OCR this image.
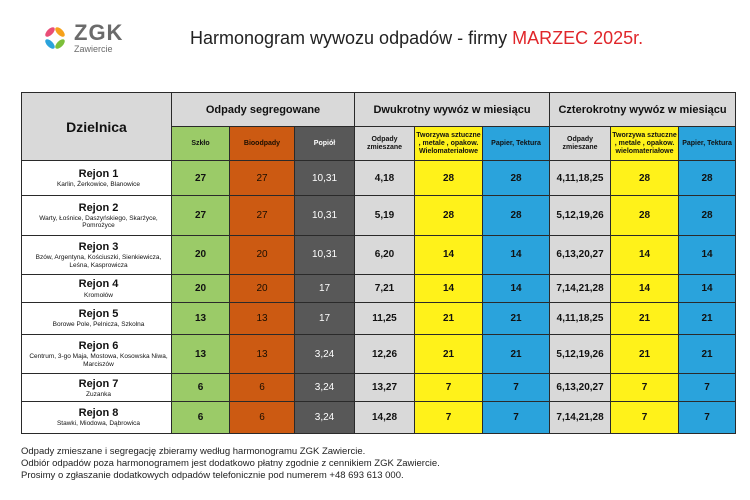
ZGK
Zawiercie
Harmonogram wywozu odpadów - firmy MARZEC 2025r.
Dzielnica	Odpady segregowane			Dwukrotny wywóz w miesiącu			Czterokrotny wywóz w miesiącu		
	Szkło	Bioodpady	Popiół	Odpady zmieszane	Tworzywa sztuczne , metale , opakow. Wielomateriałowe	Papier, Tektura	Odpady zmieszane	Tworzywa sztuczne , metale , opakow. wielomateriałowe	Papier, Tektura

Rejon 1
Karlin, Żerkowice, Blanowice	27	27	10,31	4,18	28	28	4,11,18,25	28	28

Rejon 2
Warty, Łośnice, Daszyńskiego, Skarżyce, Pomrożyce	27	27	10,31	5,19	28	28	5,12,19,26	28	28

Rejon 3
Bzów, Argentyna, Kościuszki, Sienkiewicza, Leśna, Kasprowicza	20	20	10,31	6,20	14	14	6,13,20,27	14	14

Rejon 4
Kromołów	20	20	17	7,21	14	14	7,14,21,28	14	14

Rejon 5
Borowe Pole, Pelnicza, Szkolna	13	13	17	11,25	21	21	4,11,18,25	21	21

Rejon 6
Centrum, 3-go Maja, Mostowa, Kosowska Niwa, Marciszów	13	13	3,24	12,26	21	21	5,12,19,26	21	21

Rejon 7
Zuzanka	6	6	3,24	13,27	7	7	6,13,20,27	7	7

Rejon 8
Stawki, Miodowa, Dąbrowica	6	6	3,24	14,28	7	7	7,14,21,28	7	7
Odpady zmieszane i segregację zbieramy według harmonogramu ZGK Zawiercie.
Odbiór odpadów poza harmonogramem jest dodatkowo płatny zgodnie z cennikiem ZGK Zawiercie.
Prosimy o zgłaszanie dodatkowych odpadów telefonicznie pod numerem +48 693 613 000.
